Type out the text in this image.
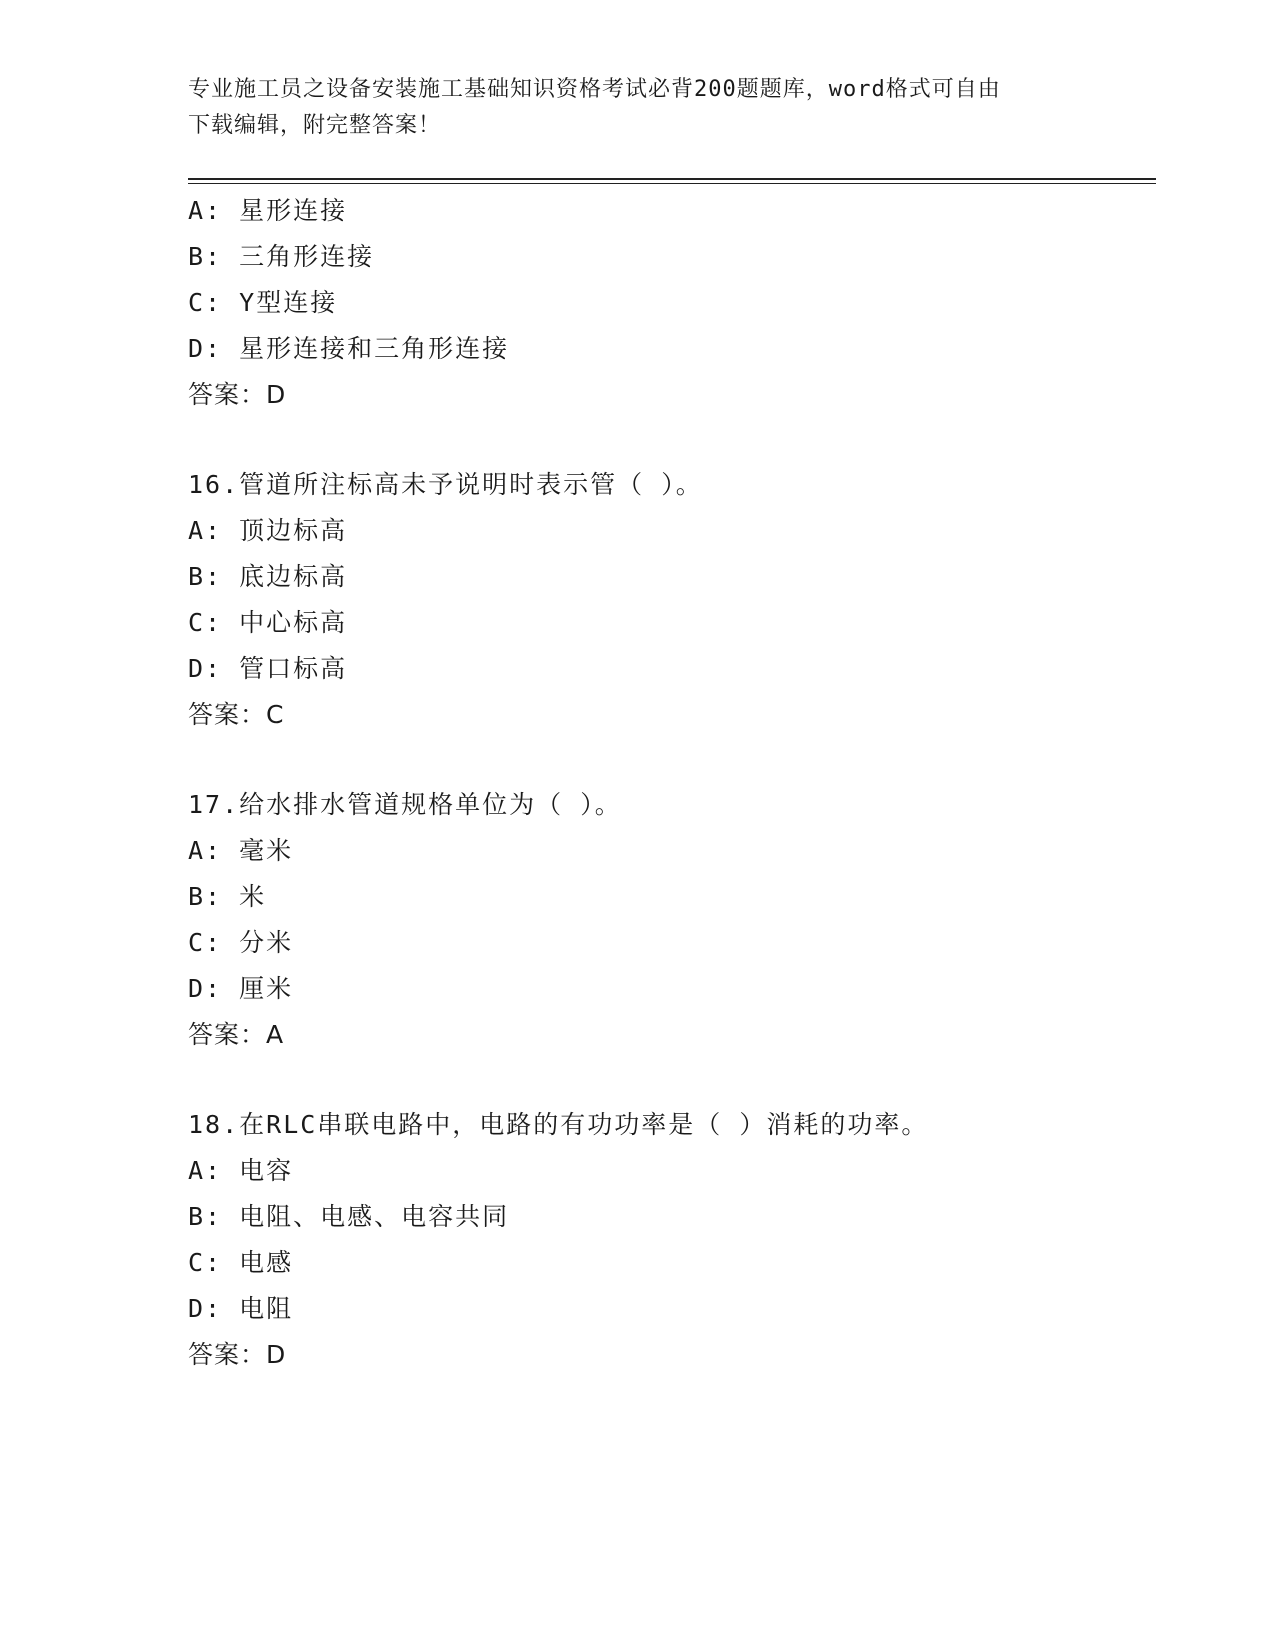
专业施工员之设备安装施工基础知识资格考试必背200题题库，word格式可自由
下载编辑，附完整答案！
A: 星形连接
B: 三角形连接
C: Y型连接
D: 星形连接和三角形连接
答案：D
16.管道所注标高未予说明时表示管（ ）。
A: 顶边标高
B: 底边标高
C: 中心标高
D: 管口标高
答案：C
17.给水排水管道规格单位为（ ）。
A: 毫米
B: 米
C: 分米
D: 厘米
答案：A
18.在RLC串联电路中，电路的有功功率是（ ）消耗的功率。
A: 电容
B: 电阻、电感、电容共同
C: 电感
D: 电阻
答案：D
